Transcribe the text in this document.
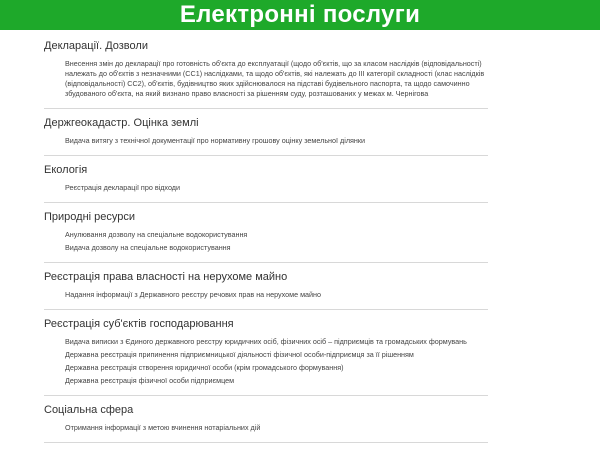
Електронні послуги
Декларації. Дозволи
Внесення змін до декларації про готовність об'єкта до експлуатації (щодо об'єктів, що за класом наслідків (відповідальності) належать до об'єктів з незначними (СС1) наслідками, та щодо об'єктів, які належать до III категорії складності (клас наслідків (відповідальності) СС2), об'єктів, будівництво яких здійснювалося на підставі будівельного паспорта, та щодо самочинно збудованого об'єкта, на який визнано право власності за рішенням суду, розташованих у межах м. Чернігова
Держгеокадастр. Оцінка землі
Видача витягу з технічної документації про нормативну грошову оцінку земельної ділянки
Екологія
Реєстрація декларації про відходи
Природні ресурси
Анулювання дозволу на спеціальне водокористування
Видача дозволу на спеціальне водокористування
Реєстрація права власності на нерухоме майно
Надання інформації з Державного реєстру речових прав на нерухоме майно
Реєстрація суб'єктів господарювання
Видача виписки з Єдиного державного реєстру юридичних осіб, фізичних осіб – підприємців та громадських формувань
Державна реєстрація припинення підприємницької діяльності фізичної особи-підприємця за її рішенням
Державна реєстрація створення юридичної особи (крім громадського формування)
Державна реєстрація фізичної особи підприємцем
Соціальна сфера
Отримання інформації з метою вчинення нотаріальних дій
